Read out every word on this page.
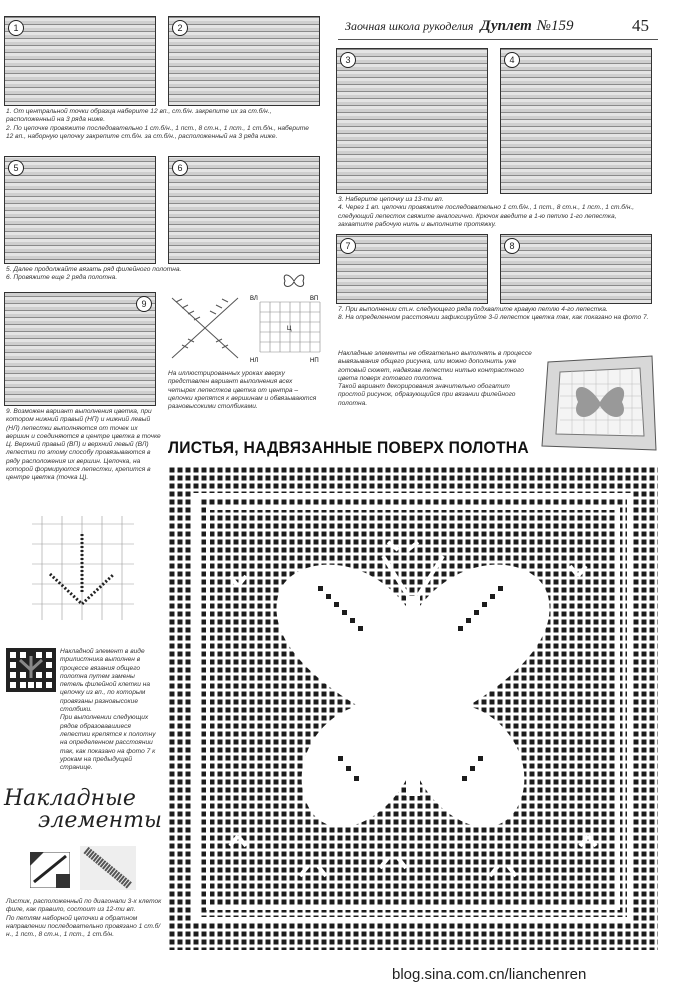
Заочная школа рукоделия Дуплет №159	45
1	2
3	4
5	6
7	8
9
1. От центральной точки образца наберите 12 вп., ст.б/н. закрепите их за ст.б/н., расположенный на 3 ряда ниже.
2. По цепочке провяжите последовательно 1 ст.б/н., 1 пст., 8 ст.н., 1 пст., 1 ст.б/н., наберите 12 вп., наборную цепочку закрепите ст.б/н. за ст.б/н., расположенный на 3 ряда ниже.
3. Наберите цепочку из 13-ти вп.
4. Через 1 вп. цепочки провяжите последовательно 1 ст.б/н., 1 пст., 8 ст.н., 1 пст., 1 ст.б/н., следующий лепесток свяжите аналогично. Крючок введите в 1-ю петлю 1-го лепестка, захватите рабочую нить и выполните протяжку.
5. Далее продолжайте вязать ряд филейного полотна.
6. Провяжите еще 2 ряда полотна.
7. При выполнении ст.н. следующего ряда подхватите кравую петлю 4-го лепестка.
8. На определенном расстоянии зафиксируйте 3-й лепесток цветка так, как показано на фото 7.
9. Возможен вариант выполнения цветка, при котором нижний правый (НП) и нижний левый (НЛ) лепестки выполняются от точек их вершин и соединяются в центре цветка в точке Ц. Верхний правый (ВП) и верхний левый (ВЛ) лепестки по этому способу провязываются в ряду расположения их вершин. Цепочка, на которой формируются лепестки, крепится в центре цветка (точка Ц).
На иллюстрированных уроках вверху представлен вариант выполнения всех четырех лепестков цветка от центра – цепочки крепятся к вершинам и обвязываются разновысокими столбиками.
Накладные элементы не обязательно выполнять в процессе вывязывания общего рисунка, или можно дополнить уже готовый сюжет, надвязав лепестки нитью контрастного цвета поверх готового полотна.
Такой вариант декорирования значительно обогатит простой рисунок, образующийся при вязании филейного полотна.
Накладной элемент в виде трилистника выполнен в процессе вязания общего полотна путем замены петель филейной клетки на цепочку из вп., по которым провязаны разновысокие столбики.
При выполнении следующих рядов образовавшиеся лепестки крепятся к полотну на определенном расстоянии так, как показано на фото 7 к урокам на предыдущей странице.
Листик, расположенный по диагонали 3-х клеток филе, как правило, состоит из 12-ти вп.
По петлям наборной цепочки в обратном направлении последовательно провязано 1 ст.б/н., 1 пст., 8 ст.н., 1 пст., 1 ст.б/н.
ВЛ	ВП
Ц
НЛ	НП
ЛИСТЬЯ, НАДВЯЗАННЫЕ ПОВЕРХ ПОЛОТНА
Накладные
элементы
blog.sina.com.cn/lianchenren
